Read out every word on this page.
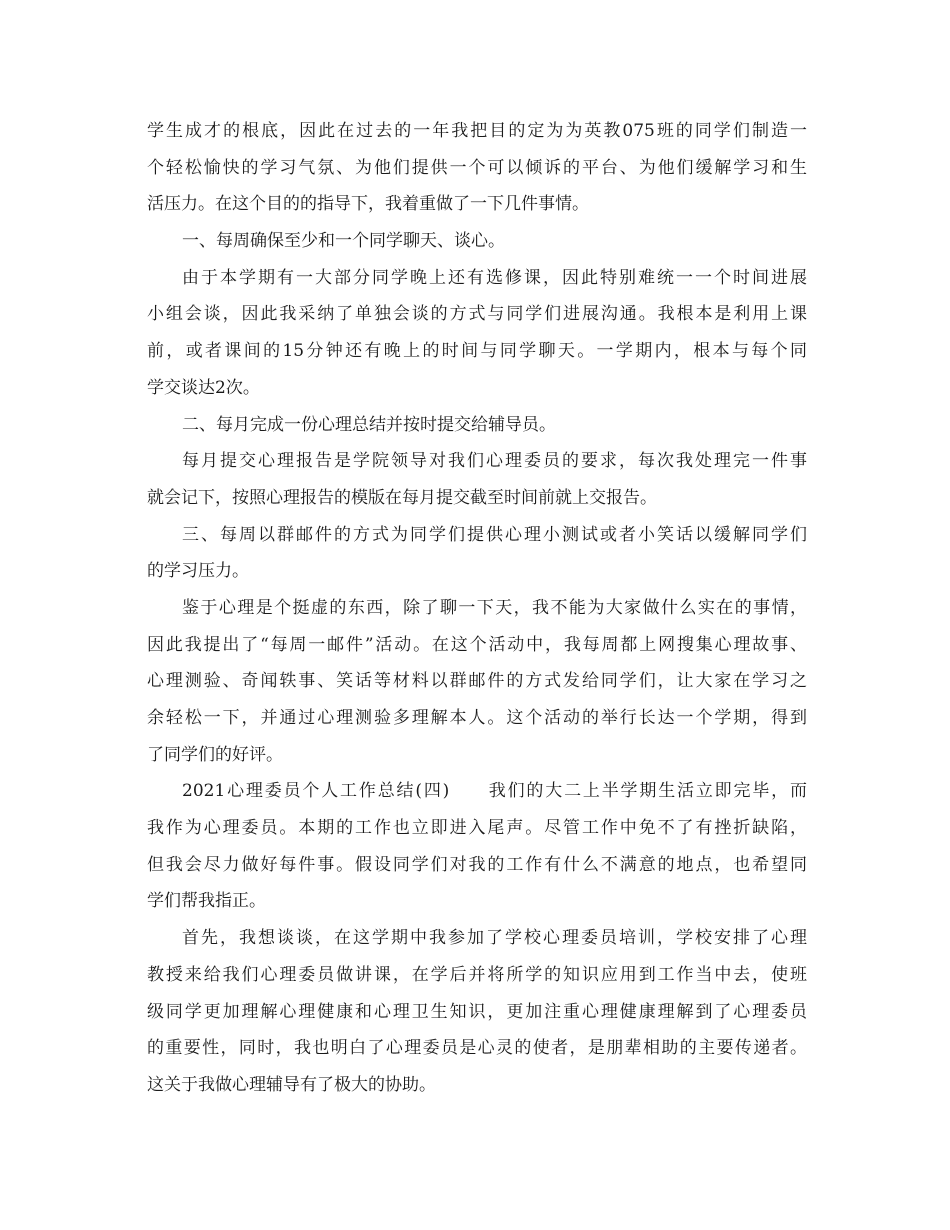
学生成才的根底，因此在过去的一年我把目的定为为英教075班的同学们制造一
个轻松愉快的学习气氛、为他们提供一个可以倾诉的平台、为他们缓解学习和生
活压力。在这个目的的指导下，我着重做了一下几件事情。
一、每周确保至少和一个同学聊天、谈心。
由于本学期有一大部分同学晚上还有选修课，因此特别难统一一个时间进展
小组会谈，因此我采纳了单独会谈的方式与同学们进展沟通。我根本是利用上课
前，或者课间的15分钟还有晚上的时间与同学聊天。一学期内，根本与每个同
学交谈达2次。
二、每月完成一份心理总结并按时提交给辅导员。
每月提交心理报告是学院领导对我们心理委员的要求，每次我处理完一件事
就会记下，按照心理报告的模版在每月提交截至时间前就上交报告。
三、每周以群邮件的方式为同学们提供心理小测试或者小笑话以缓解同学们
的学习压力。
鉴于心理是个挺虚的东西，除了聊一下天，我不能为大家做什么实在的事情，
因此我提出了“每周一邮件”活动。在这个活动中，我每周都上网搜集心理故事、
心理测验、奇闻轶事、笑话等材料以群邮件的方式发给同学们，让大家在学习之
余轻松一下，并通过心理测验多理解本人。这个活动的举行长达一个学期，得到
了同学们的好评。
2021心理委员个人工作总结(四)　　我们的大二上半学期生活立即完毕，而
我作为心理委员。本期的工作也立即进入尾声。尽管工作中免不了有挫折缺陷，
但我会尽力做好每件事。假设同学们对我的工作有什么不满意的地点，也希望同
学们帮我指正。
首先，我想谈谈，在这学期中我参加了学校心理委员培训，学校安排了心理
教授来给我们心理委员做讲课，在学后并将所学的知识应用到工作当中去，使班
级同学更加理解心理健康和心理卫生知识，更加注重心理健康理解到了心理委员
的重要性，同时，我也明白了心理委员是心灵的使者，是朋辈相助的主要传递者。
这关于我做心理辅导有了极大的协助。
